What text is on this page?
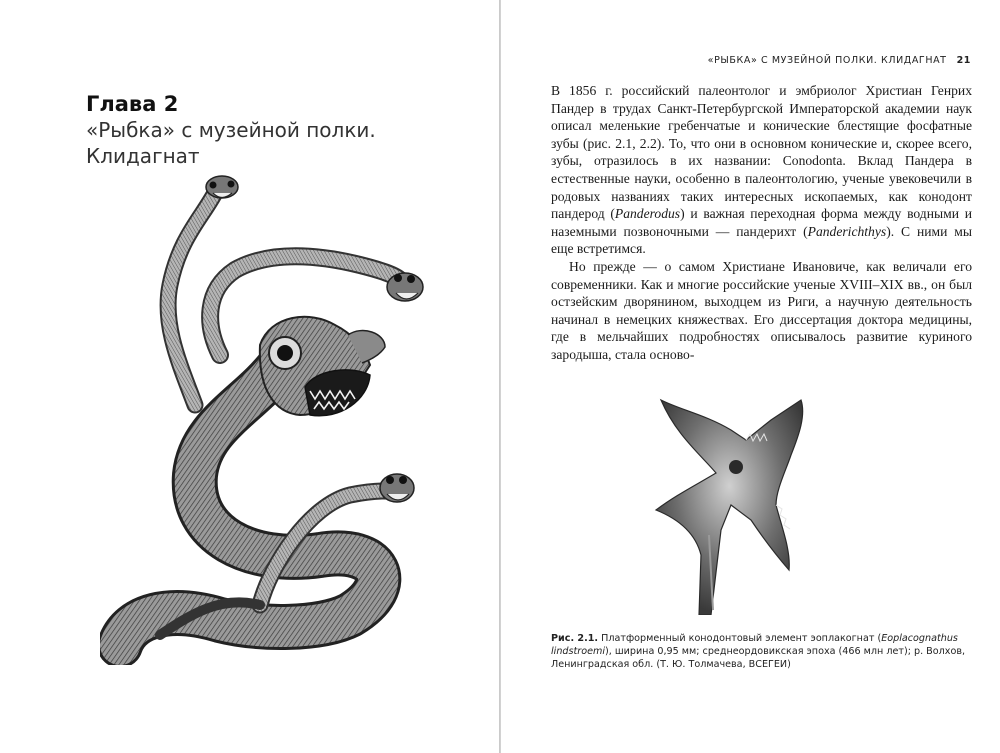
Глава 2
«Рыбка» с музейной полки.
Клидагнат
«РЫБКА» С МУЗЕЙНОЙ ПОЛКИ. КЛИДАГНАТ 21

В 1856 г. российский палеонтолог и эмбриолог Христиан Генрих Пандер в трудах Санкт-Петербургской Императорской академии наук описал меленькие гребенчатые и конические блестящие фосфатные зубы (рис. 2.1, 2.2). То, что они в основном конические и, скорее всего, зубы, отразилось в их названии: Conodonta. Вклад Пандера в естественные науки, особенно в палеонтологию, ученые увековечили в родовых названиях таких интересных ископаемых, как конодонт пандерод (Panderodus) и важная переходная форма между водными и наземными позвоночными — пандерихт (Panderichthys). С ними мы еще встретимся.

Но прежде — о самом Христиане Ивановиче, как величали его современники. Как и многие российские ученые XVIII–XIX вв., он был остзейским дворянином, выходцем из Риги, а научную деятельность начинал в немецких княжествах. Его диссертация доктора медицины, где в мельчайших подробностях описывалось развитие куриного зародыша, стала осново-

Рис. 2.1. Платформенный конодонтовый элемент эоплакогнат (Eoplacognathus lindstroemi), ширина 0,95 мм; среднеордовикская эпоха (466 млн лет); р. Волхов, Ленинградская обл. (Т. Ю. Толмачева, ВСЕГЕИ)
